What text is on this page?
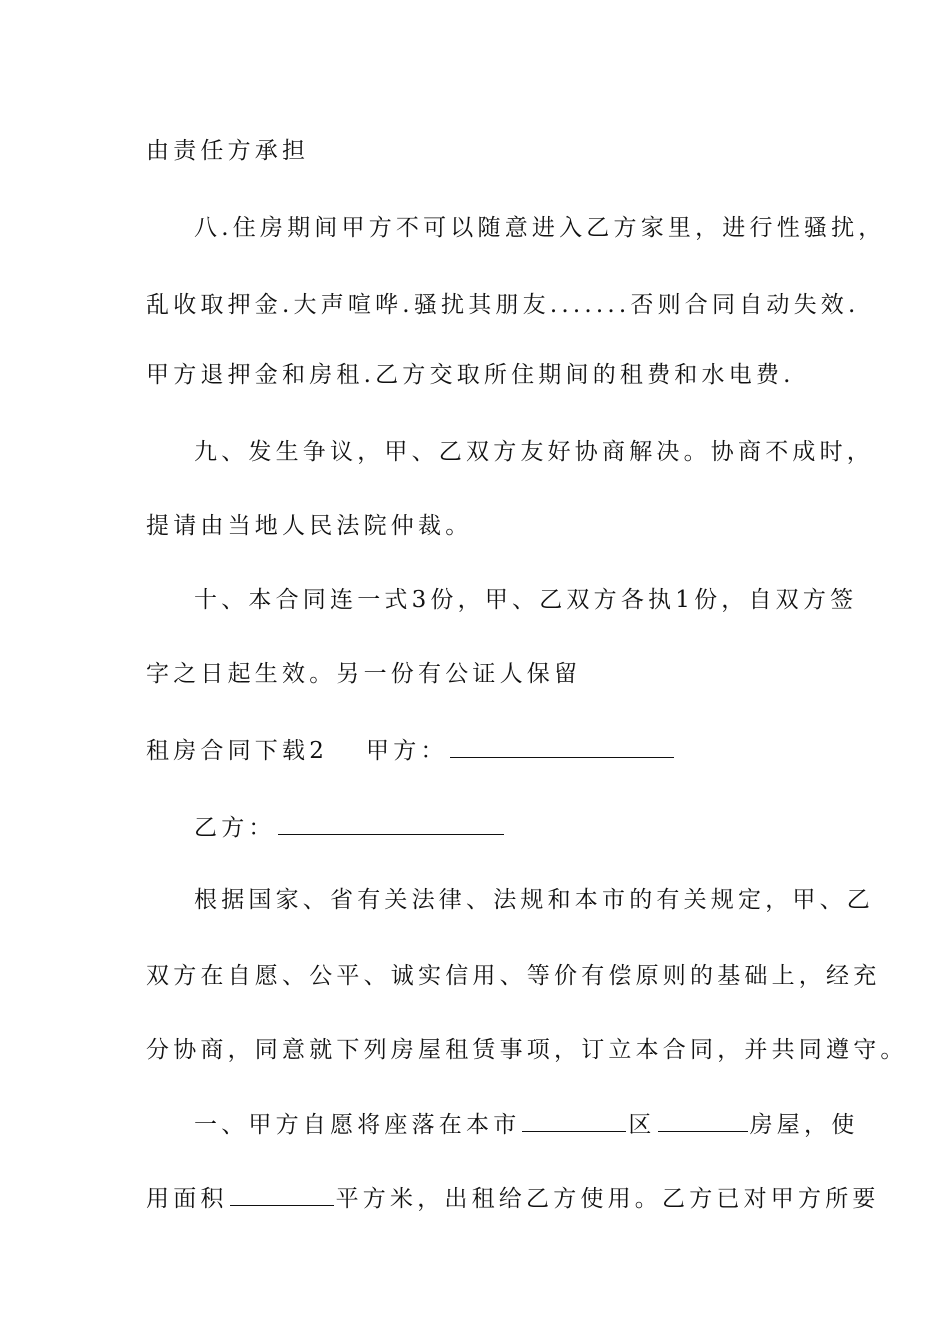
由责任方承担
八.住房期间甲方不可以随意进入乙方家里，进行性骚扰，
乱收取押金.大声喧哗.骚扰其朋友.......否则合同自动失效.
甲方退押金和房租.乙方交取所住期间的租费和水电费.
九、发生争议，甲、乙双方友好协商解决。协商不成时，
提请由当地人民法院仲裁。
十、本合同连一式3份，甲、乙双方各执1份，自双方签
字之日起生效。另一份有公证人保留
租房合同下载2 甲方：
乙方：
根据国家、省有关法律、法规和本市的有关规定，甲、乙
双方在自愿、公平、诚实信用、等价有偿原则的基础上，经充
分协商，同意就下列房屋租赁事项，订立本合同，并共同遵守。
一、甲方自愿将座落在本市	区	房屋，使
用面积	平方米，出租给乙方使用。乙方已对甲方所要
